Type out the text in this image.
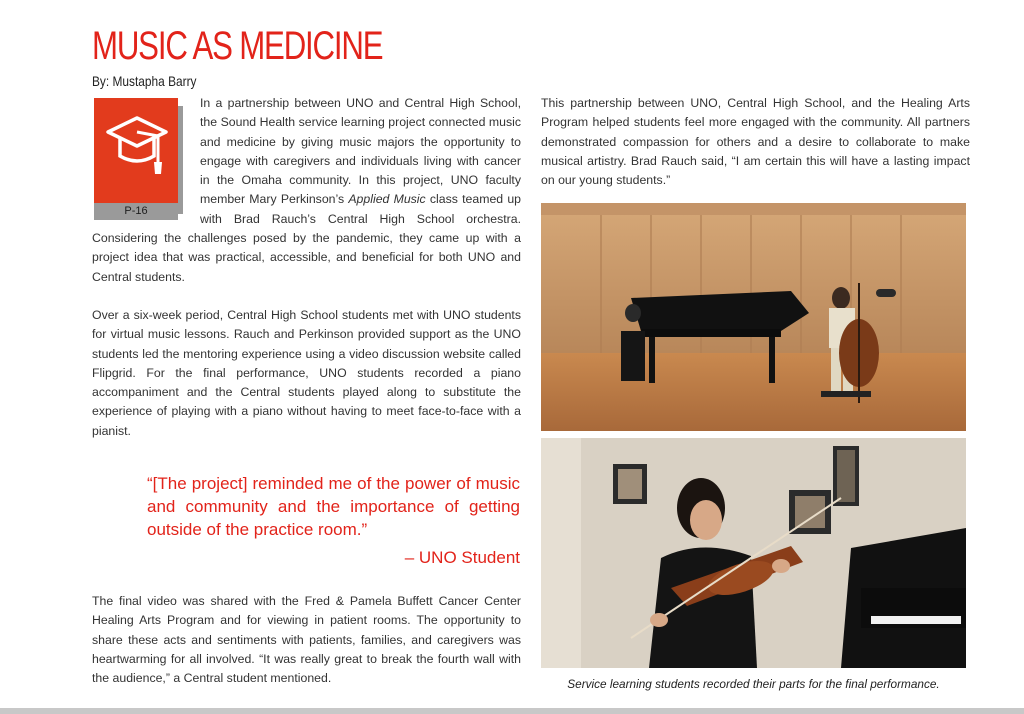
MUSIC AS MEDICINE

By: Mustapha Barry

P-16

In a partnership between UNO and Central High School, the Sound Health service learning project connected music and medicine by giving music majors the opportunity to engage with caregivers and individuals living with cancer in the Omaha community. In this project, UNO faculty member Mary Perkinson’s Applied Music class teamed up with Brad Rauch’s Central High School orchestra. Considering the challenges posed by the pandemic, they came up with a project idea that was practical, accessible, and beneficial for both UNO and Central students.

Over a six-week period, Central High School students met with UNO students for virtual music lessons. Rauch and Perkinson provided support as the UNO students led the mentoring experience using a video discussion website called Flipgrid. For the final performance, UNO students recorded a piano accompaniment and the Central students played along to substitute the experience of playing with a piano without having to meet face-to-face with a pianist.

“[The project] reminded me of the power of music and community and the importance of getting outside of the practice room.”

– UNO Student

The final video was shared with the Fred & Pamela Buffett Cancer Center Healing Arts Program and for viewing in patient rooms. The opportunity to share these acts and sentiments with patients, families, and caregivers was heartwarming for all involved. “It was really great to break the fourth wall with the audience,” a Central student mentioned.

This partnership between UNO, Central High School, and the Healing Arts Program helped students feel more engaged with the community. All partners demonstrated compassion for others and a desire to collaborate to make musical artistry. Brad Rauch said, “I am certain this will have a lasting impact on our young students.”

Service learning students recorded their parts for the final performance.
